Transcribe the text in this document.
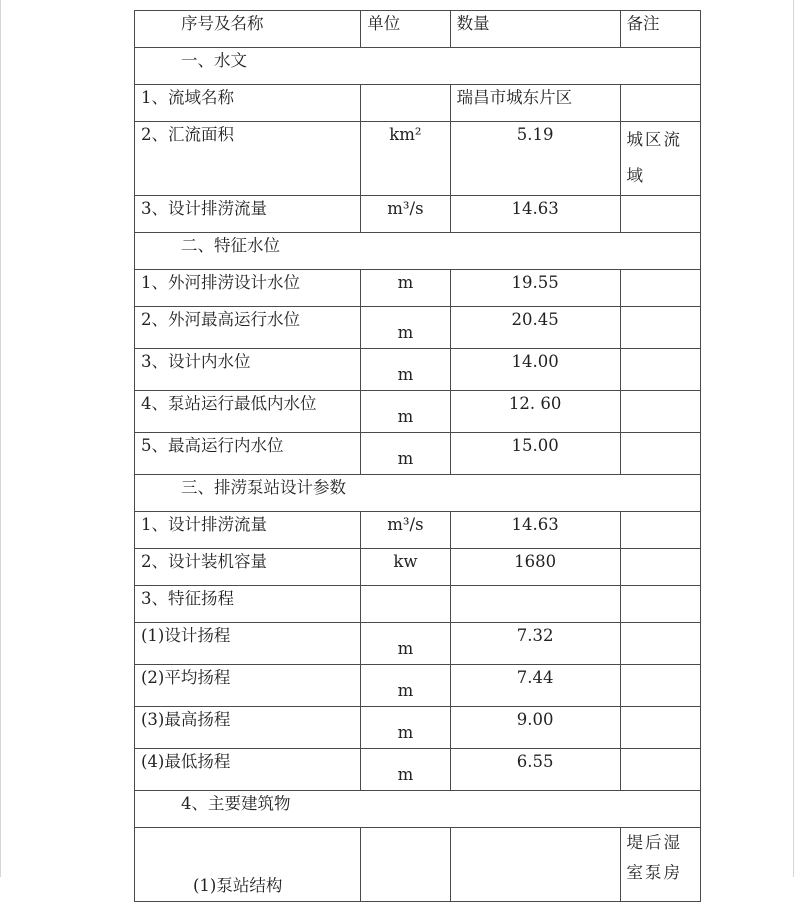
序号及名称	单位	数量	备注

一、水文			

1、流域名称		瑞昌市城东片区	

2、汇流面积	km²	5.19	城区流域

3、设计排涝流量	m³/s	14.63	

二、特征水位			

1、外河排涝设计水位	m	19.55	

2、外河最高运行水位	m	20.45	

3、设计内水位	m	14.00	

4、泵站运行最低内水位	m	12. 60	

5、最高运行内水位	m	15.00	

三、排涝泵站设计参数			

1、设计排涝流量	m³/s	14.63	

2、设计装机容量	kw	1680	

3、特征扬程			

(1)设计扬程	m	7.32	

(2)平均扬程	m	7.44	

(3)最高扬程	m	9.00	

(4)最低扬程	m	6.55	

4、主要建筑物			

(1)泵站结构			堤后湿室泵房
